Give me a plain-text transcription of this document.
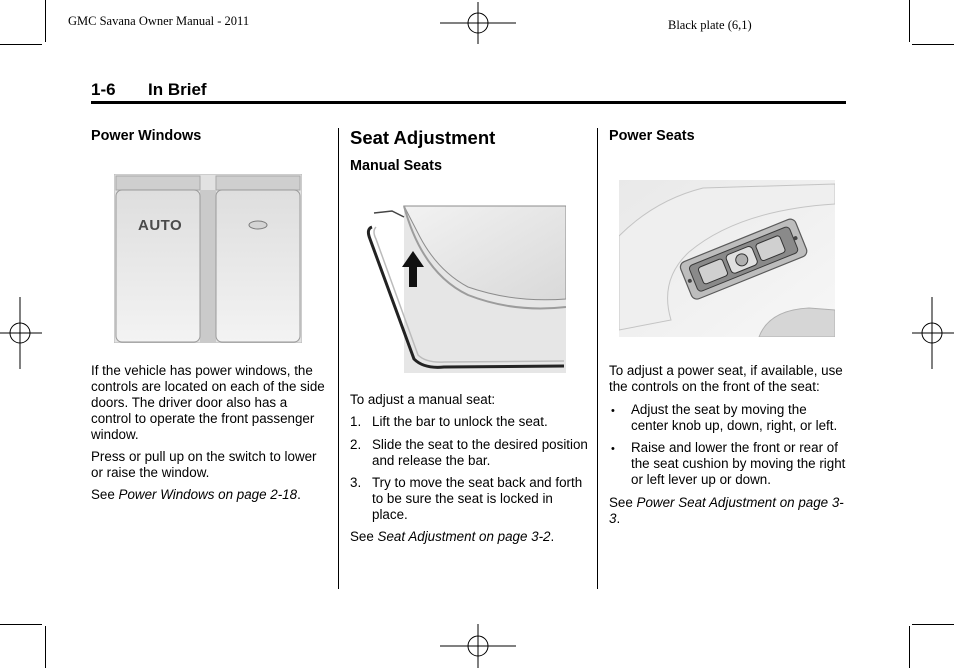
GMC Savana Owner Manual - 2011	Black plate (6,1)
1-6 In Brief
Power Windows
AUTO

If the vehicle has power windows, the controls are located on each of the side doors. The driver door also has a control to operate the front passenger window.

Press or pull up on the switch to lower or raise the window.

See Power Windows on page 2-18.

Seat Adjustment
Manual Seats

To adjust a manual seat:

1. Lift the bar to unlock the seat.
2. Slide the seat to the desired position and release the bar.
3. Try to move the seat back and forth to be sure the seat is locked in place.

See Seat Adjustment on page 3-2.

Power Seats

To adjust a power seat, if available, use the controls on the front of the seat:

• Adjust the seat by moving the center knob up, down, right, or left.
• Raise and lower the front or rear of the seat cushion by moving the right or left lever up or down.

See Power Seat Adjustment on page 3-3.
